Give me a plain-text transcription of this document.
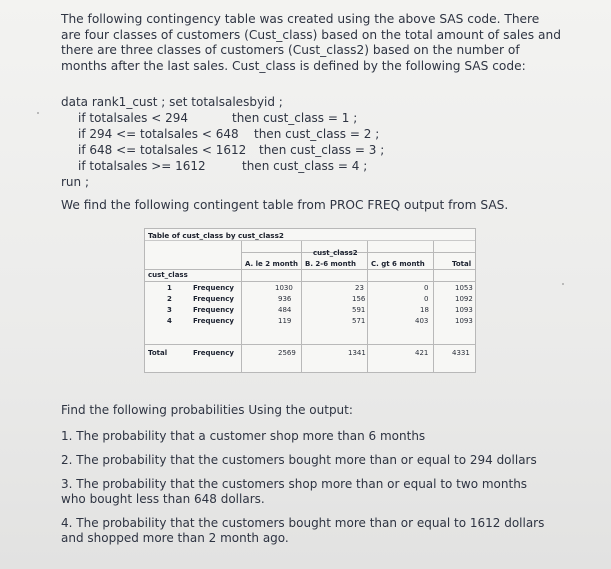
The following contingency table was created using the above SAS code. There are four classes of customers (Cust_class) based on the total amount of sales and there are three classes of customers (Cust_class2) based on the number of months after the last sales. Cust_class is defined by the following SAS code:
data rank1_cust ; set totalsalesbyid ;
if totalsales < 294	then cust_class = 1 ;
if 294 <= totalsales < 648 then cust_class = 2 ;
if 648 <= totalsales < 1612 then cust_class = 3 ;
if totalsales >= 1612	then cust_class = 4 ;
run ;
We find the following contingent table from PROC FREQ output from SAS.
Table of cust_class by cust_class2
cust_class2
A. le 2 month B. 2-6 month C. gt 6 month	Total
cust_class
1	Frequency	1030	23	0	1053
2	Frequency	936	156	0	1092
3	Frequency	484	591	18	1093
4	Frequency	119	571	403	1093
Total	Frequency	2569	1341	421	4331
Find the following probabilities Using the output:
1. The probability that a customer shop more than 6 months
2. The probability that the customers bought more than or equal to 294 dollars
3. The probability that the customers shop more than or equal to two months who bought less than 648 dollars.
4. The probability that the customers bought more than or equal to 1612 dollars and shopped more than 2 month ago.
